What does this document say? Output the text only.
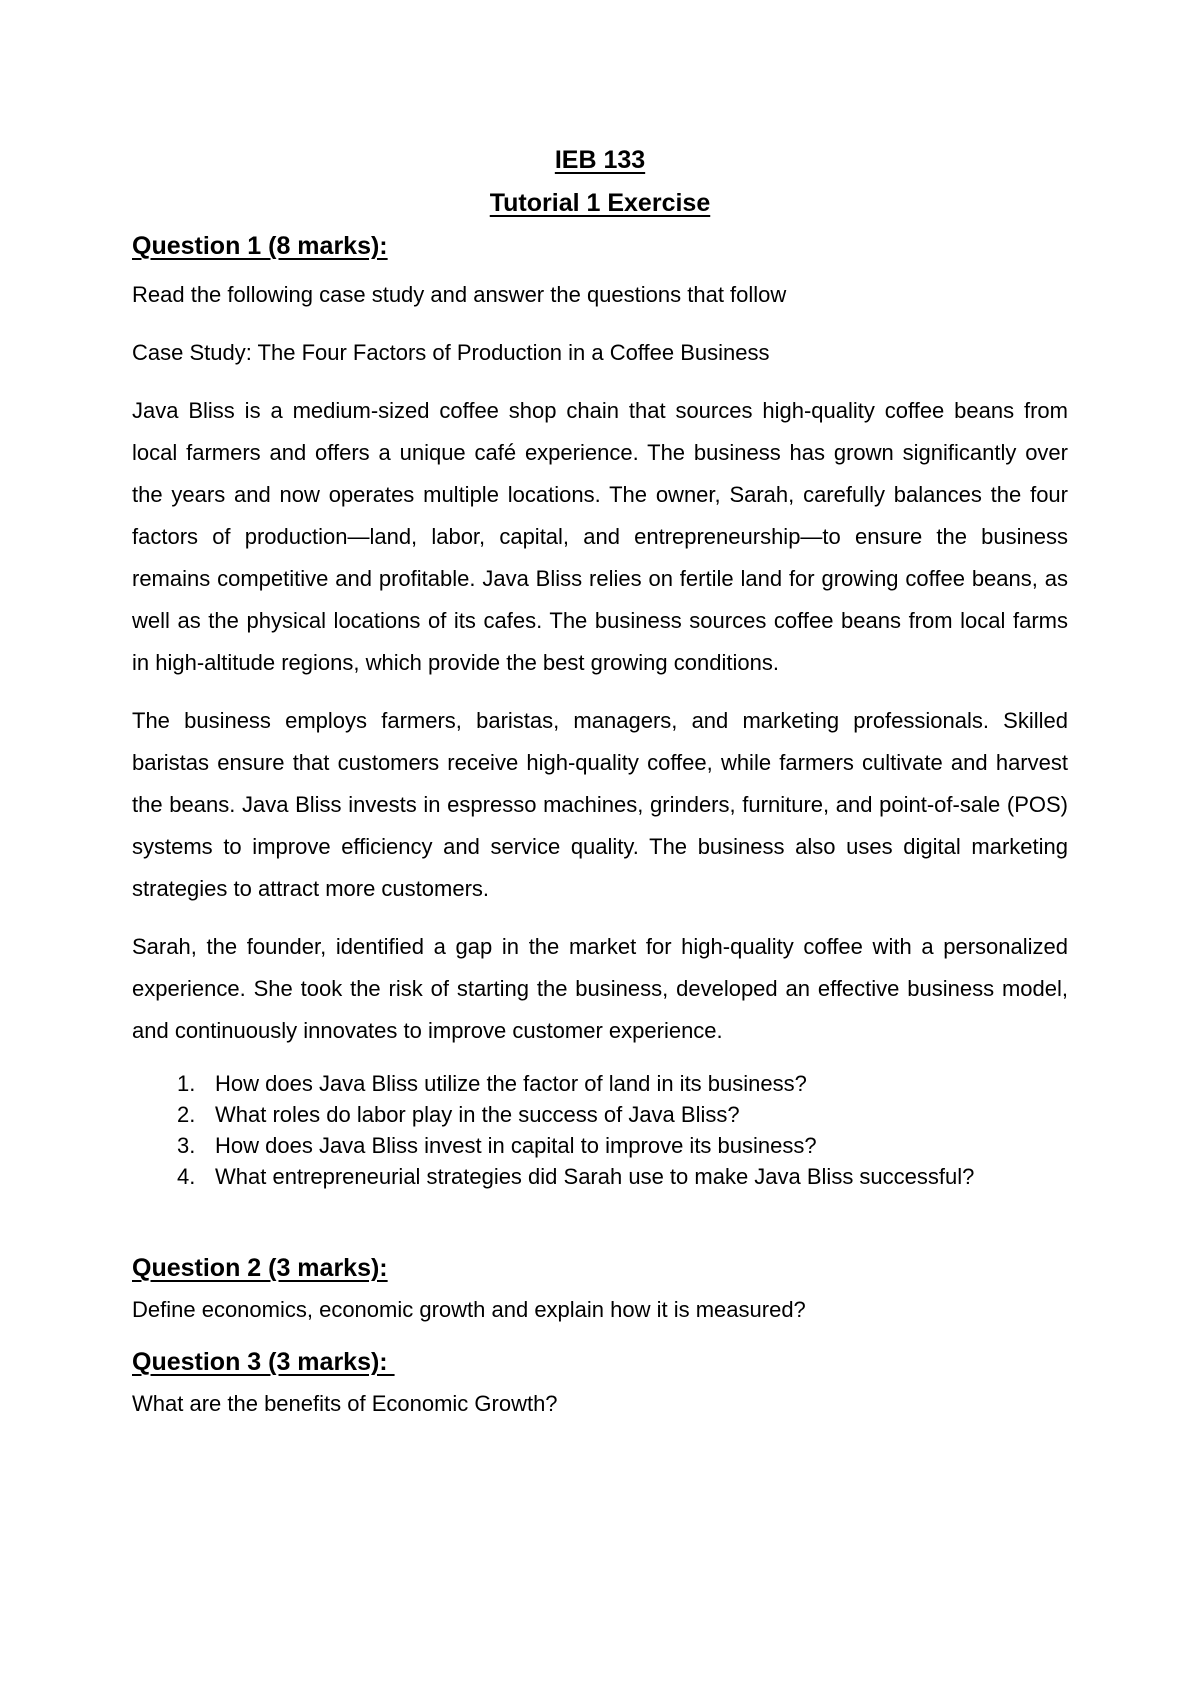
IEB 133
Tutorial 1 Exercise
Question 1 (8 marks):

Read the following case study and answer the questions that follow

Case Study: The Four Factors of Production in a Coffee Business

Java Bliss is a medium-sized coffee shop chain that sources high-quality coffee beans from local farmers and offers a unique café experience. The business has grown significantly over the years and now operates multiple locations. The owner, Sarah, carefully balances the four factors of production—land, labor, capital, and entrepreneurship—to ensure the business remains competitive and profitable. Java Bliss relies on fertile land for growing coffee beans, as well as the physical locations of its cafes. The business sources coffee beans from local farms in high-altitude regions, which provide the best growing conditions.

The business employs farmers, baristas, managers, and marketing professionals. Skilled baristas ensure that customers receive high-quality coffee, while farmers cultivate and harvest the beans. Java Bliss invests in espresso machines, grinders, furniture, and point-of-sale (POS) systems to improve efficiency and service quality. The business also uses digital marketing strategies to attract more customers.

Sarah, the founder, identified a gap in the market for high-quality coffee with a personalized experience. She took the risk of starting the business, developed an effective business model, and continuously innovates to improve customer experience.

1. How does Java Bliss utilize the factor of land in its business?
2. What roles do labor play in the success of Java Bliss?
3. How does Java Bliss invest in capital to improve its business?
4. What entrepreneurial strategies did Sarah use to make Java Bliss successful?
Question 2 (3 marks):

Define economics, economic growth and explain how it is measured?

Question 3 (3 marks):

What are the benefits of Economic Growth?
